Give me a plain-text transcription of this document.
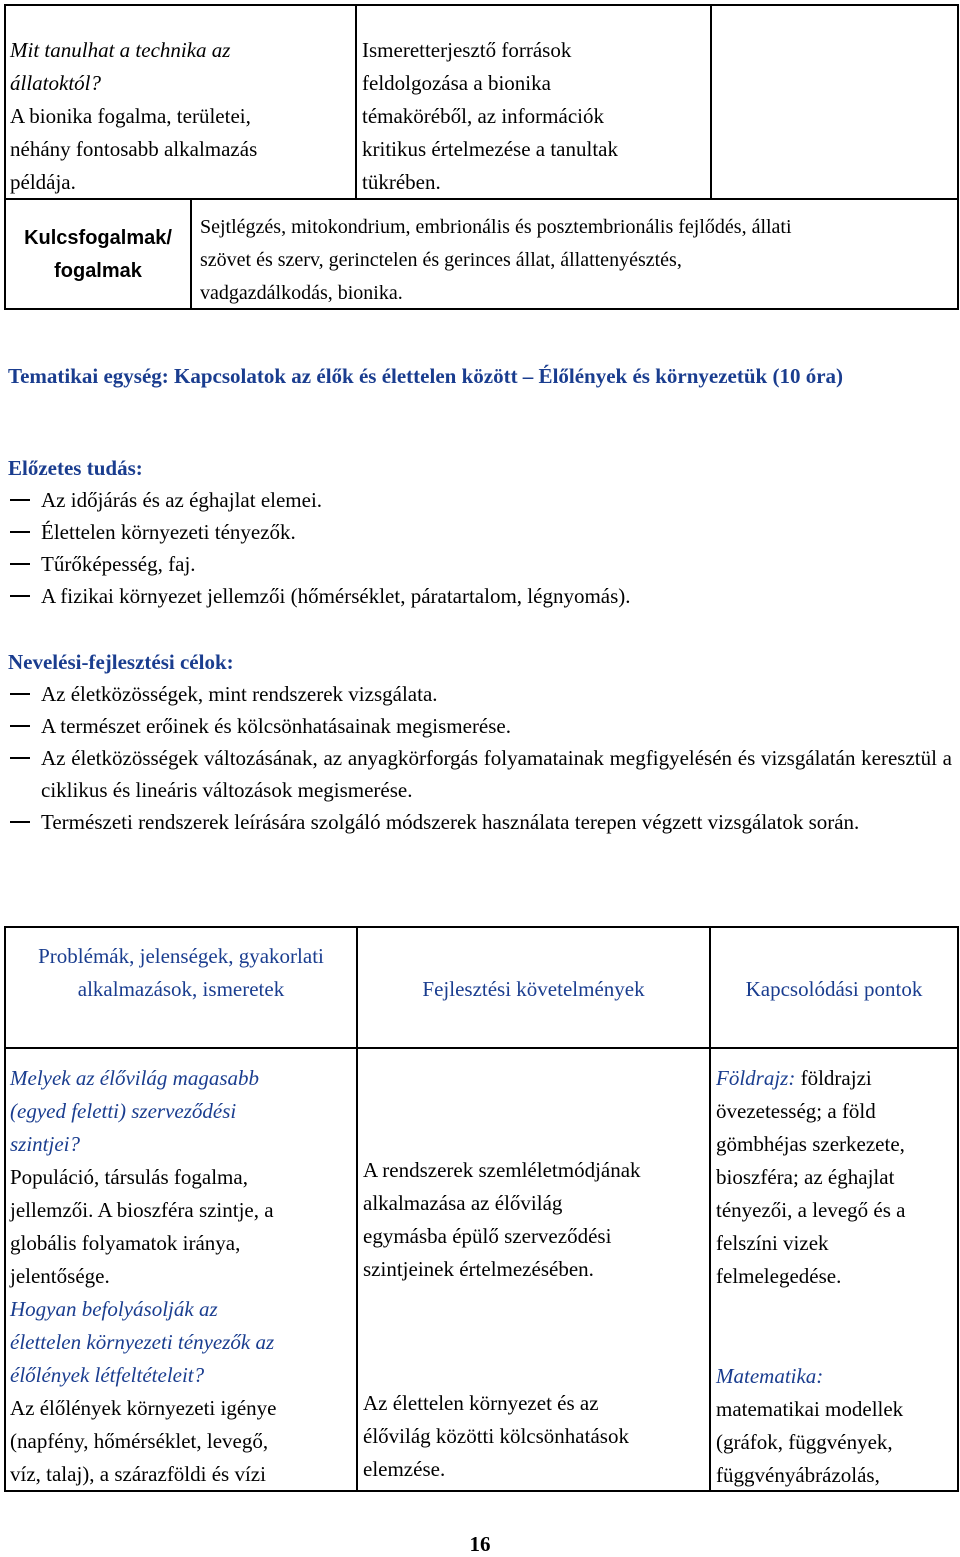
Mit tanulhat a technika az
állatoktól?
A bionika fogalma, területei,
néhány fontosabb alkalmazás
példája.
Ismeretterjesztő források
feldolgozása a bionika
témaköréből, az információk
kritikus értelmezése a tanultak
tükrében.
Kulcsfogalmak/ fogalmak
Sejtlégzés, mitokondrium, embrionális és posztembrionális fejlődés, állati
szövet és szerv, gerinctelen és gerinces állat, állattenyésztés,
vadgazdálkodás, bionika.
Tematikai egység: Kapcsolatok az élők és élettelen között – Élőlények és környezetük (10 óra)
Előzetes tudás:
Az időjárás és az éghajlat elemei.
Élettelen környezeti tényezők.
Tűrőképesség, faj.
A fizikai környezet jellemzői (hőmérséklet, páratartalom, légnyomás).
Nevelési-fejlesztési célok:
Az életközösségek, mint rendszerek vizsgálata.
A természet erőinek és kölcsönhatásainak megismerése.
Az életközösségek változásának, az anyagkörforgás folyamatainak megfigyelésén és vizsgálatán keresztül a ciklikus és lineáris változások megismerése.
Természeti rendszerek leírására szolgáló módszerek használata terepen végzett vizsgálatok során.
Problémák, jelenségek, gyakorlati alkalmazások, ismeretek	Fejlesztési követelmények	Kapcsolódási pontok
Melyek az élővilág magasabb
(egyed feletti) szerveződési
szintjei?
Populáció, társulás fogalma,
jellemzői. A bioszféra szintje, a
globális folyamatok iránya,
jelentősége.
Hogyan befolyásolják az
élettelen környezeti tényezők az
élőlények létfeltételeit?
Az élőlények környezeti igénye
(napfény, hőmérséklet, levegő,
víz, talaj), a szárazföldi és vízi
A rendszerek szemléletmódjának
alkalmazása az élővilág
egymásba épülő szerveződési
szintjeinek értelmezésében.
Az élettelen környezet és az
élővilág közötti kölcsönhatások
elemzése.
Földrajz: földrajzi
övezetesség; a föld
gömbhéjas szerkezete,
bioszféra; az éghajlat
tényezői, a levegő és a
felszíni vizek
felmelegedése.
Matematika:
matematikai modellek
(gráfok, függvények,
függvényábrázolás,
16
